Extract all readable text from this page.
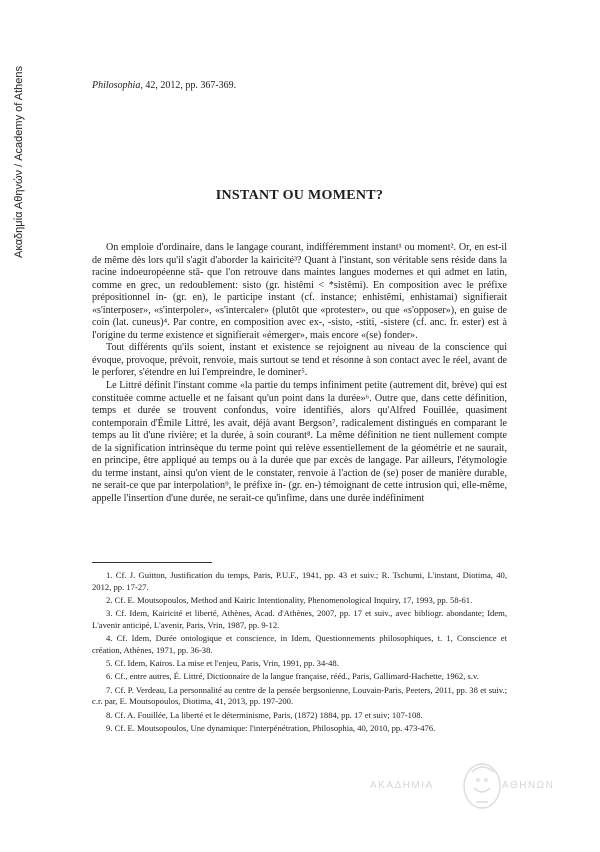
Ακαδημία Αθηνών / Academy of Athens	Philosophia, 42, 2012, pp. 367-369.
INSTANT OU MOMENT?

On emploie d'ordinaire, dans le langage courant, indifféremment instant¹ ou moment². Or, en est-il de même dès lors qu'il s'agit d'aborder la kairicité³? Quant à l'instant, son véritable sens réside dans la racine indoeuropéenne stā- que l'on retrouve dans maintes langues modernes et qui admet en latin, comme en grec, un redoublement: sisto (gr. histêmi < *sistêmi). En composition avec le préfixe prépositionnel in- (gr. en), le participe instant (cf. instance; enhistêmi, enhistamai) signifierait «s'interposer», «s'interpoler», «s'intercaler» (plutôt que «protester», ou que «s'opposer»), en guise de coin (lat. cuneus)⁴. Par contre, en composition avec ex-, -sisto, -stiti, -sistere (cf. anc. fr. ester) est à l'origine du terme existence et signifierait «émerger», mais encore «(se) fonder».

Tout différents qu'ils soient, instant et existence se rejoignent au niveau de la conscience qui évoque, provoque, prévoit, renvoie, mais surtout se tend et résonne à son contact avec le réel, avant de le perforer, s'étendre en lui l'empreindre, le dominer⁵.

Le Littré définit l'instant comme «la partie du temps infiniment petite (autrement dit, brève) qui est constituée comme actuelle et ne faisant qu'un point dans la durée»⁶. Outre que, dans cette définition, temps et durée se trouvent confondus, voire identifiés, alors qu'Alfred Fouillée, quasiment contemporain d'Émile Littré, les avait, déjà avant Bergson⁷, radicalement distingués en comparant le temps au lit d'une rivière; et la durée, à soin courant⁸. La même définition ne tient nullement compte de la signification intrinsèque du terme point qui relève essentiellement de la géométrie et ne saurait, en principe, être appliqué au temps ou à la durée que par excès de langage. Par ailleurs, l'étymologie du terme instant, ainsi qu'on vient de le constater, renvoie à l'action de (se) poser de manière durable, ne serait-ce que par interpolation⁹, le préfixe in- (gr. en-) témoignant de cette intrusion qui, elle-même, appelle l'insertion d'une durée, ne serait-ce qu'infime, dans une durée indéfiniment

1. Cf. J. Guitton, Justification du temps, Paris, P.U.F., 1941, pp. 43 et suiv.; R. Tschumi, L'instant, Diotima, 40, 2012, pp. 17-27.

2. Cf. E. Moutsopoulos, Method and Kairic Intentionality, Phenomenological Inquiry, 17, 1993, pp. 58-61.

3. Cf. Idem, Kairicité et liberté, Athènes, Acad. d'Athènes, 2007, pp. 17 et suiv., avec bibliogr. abondante; Idem, L'avenir anticipé, L'avenir, Paris, Vrin, 1987, pp. 9-12.

4. Cf. Idem, Durée ontologique et conscience, in Idem, Questionnements philosophiques, t. 1, Conscience et création, Athènes, 1971, pp. 36-38.

5. Cf. Idem, Kairos. La mise et l'enjeu, Paris, Vrin, 1991, pp. 34-48.

6. Cf., entre autres, É. Littré, Dictionnaire de la langue française, rééd., Paris, Gallimard-Hachette, 1962, s.v.

7. Cf. P. Verdeau, La personnalité au centre de la pensée bergsonienne, Louvain-Paris, Peeters, 2011, pp. 38 et suiv.; c.r. par, E. Moutsopoulos, Diotima, 41, 2013, pp. 197-200.

8. Cf. A. Fouillée, La liberté et le déterminisme, Paris, (1872) 1884, pp. 17 et suiv; 107-108.

9. Cf. E. Moutsopoulos, Une dynamique: l'interpénétration, Philosophia, 40, 2010, pp. 473-476.

ΑΚΑΔΗΜΙΑ	ΑΘΗΝΩΝ
